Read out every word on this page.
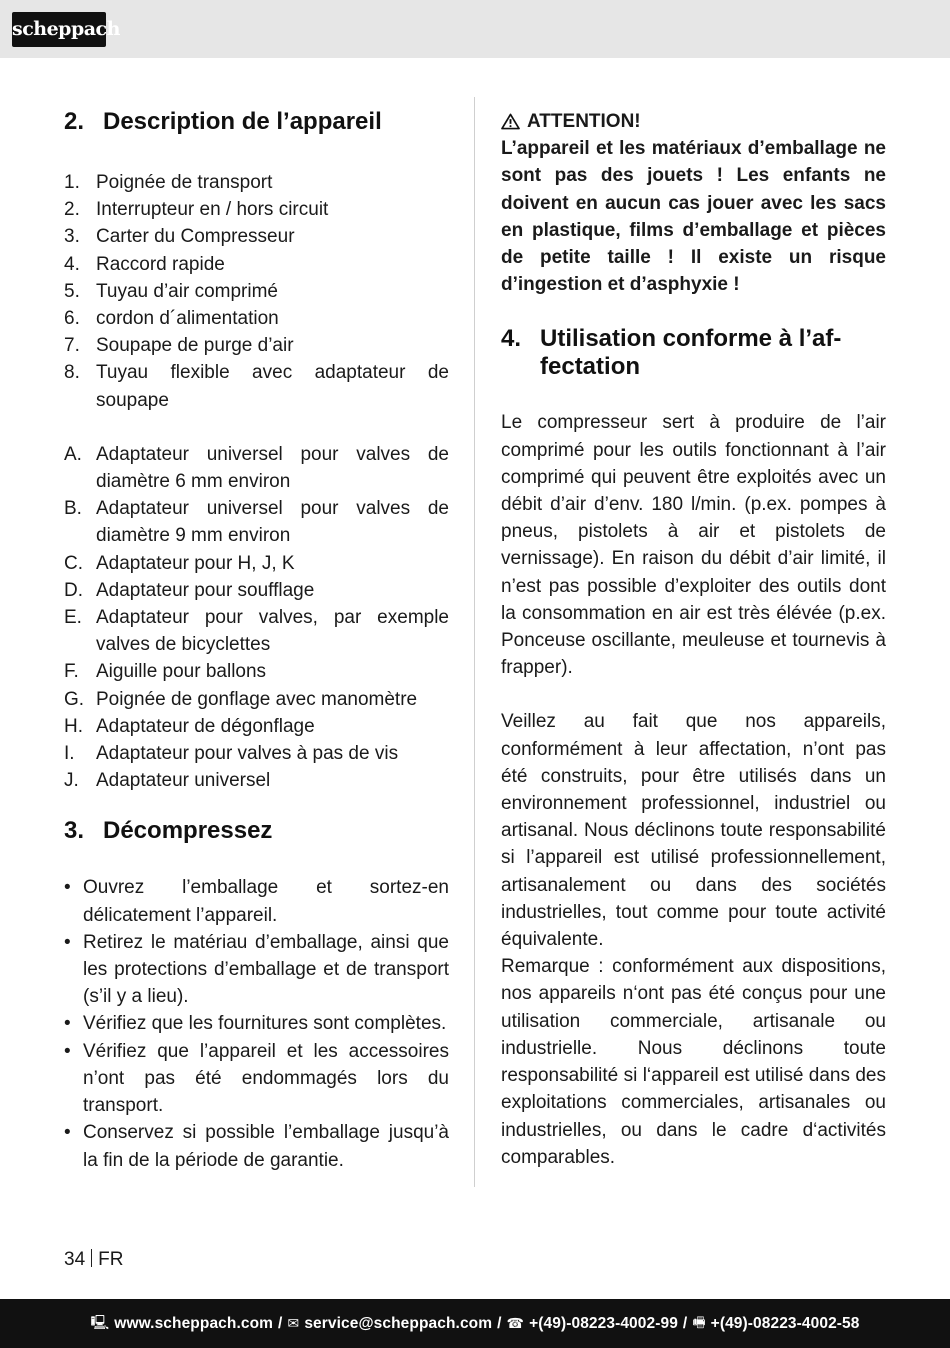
scheppach
2. Description de l’appareil
1. Poignée de transport
2. Interrupteur en / hors circuit
3. Carter du Compresseur
4. Raccord rapide
5. Tuyau d’air comprimé
6. cordon d´alimentation
7. Soupape de purge d’air
8. Tuyau flexible avec adaptateur de soupape
A. Adaptateur universel pour valves de diamètre 6 mm environ
B. Adaptateur universel pour valves de diamètre 9 mm environ
C. Adaptateur pour H, J, K
D. Adaptateur pour soufflage
E. Adaptateur pour valves, par exemple valves de bicyclettes
F. Aiguille pour ballons
G. Poignée de gonflage avec manomètre
H. Adaptateur de dégonflage
I.	Adaptateur pour valves à pas de vis
J. Adaptateur universel
3. Décompressez
• Ouvrez l’emballage et sortez-en délicatement l’appareil.
• Retirez le matériau d’emballage, ainsi que les protections d’emballage et de transport (s’il y a lieu).
• Vérifiez que les fournitures sont complètes.
• Vérifiez que l’appareil et les accessoires n’ont pas été endommagés lors du transport.
• Conservez si possible l’emballage jusqu’à la fin de la période de garantie.
ATTENTION!
L’appareil et les matériaux d’emballage ne sont pas des jouets ! Les enfants ne doivent en aucun cas jouer avec les sacs en plastique, films d’emballage et pièces de petite taille ! Il existe un risque d’ingestion et d’asphyxie !
4. Utilisation conforme à l’af-
fectation

Le compresseur sert à produire de l’air comprimé pour les outils fonctionnant à l’air comprimé qui peuvent être exploités avec un débit d’air d’env. 180 l/min. (p.ex. pompes à pneus, pistolets à air et pistolets de vernissage). En raison du débit d’air limité, il n’est pas possible d’exploiter des outils dont la consommation en air est très élévée (p.ex. Ponceuse oscillante, meuleuse et tournevis à frapper).

Veillez au fait que nos appareils, conformément à leur affectation, n’ont pas été construits, pour être utilisés dans un environnement professionnel, industriel ou artisanal. Nous déclinons toute responsabilité si l’appareil est utilisé professionnellement, artisanalement ou dans des sociétés industrielles, tout comme pour toute activité équivalente.

Remarque : conformément aux dispositions, nos appareils n‘ont pas été conçus pour une utilisation commerciale, artisanale ou industrielle. Nous déclinons toute responsabilité si l‘appareil est utilisé dans des exploitations commerciales, artisanales ou industrielles, ou dans le cadre d‘activités comparables.

34 FR
🖳 www.scheppach.com / ✉ service@scheppach.com / ☎ +(49)-08223-4002-99 / 🖷 +(49)-08223-4002-58
